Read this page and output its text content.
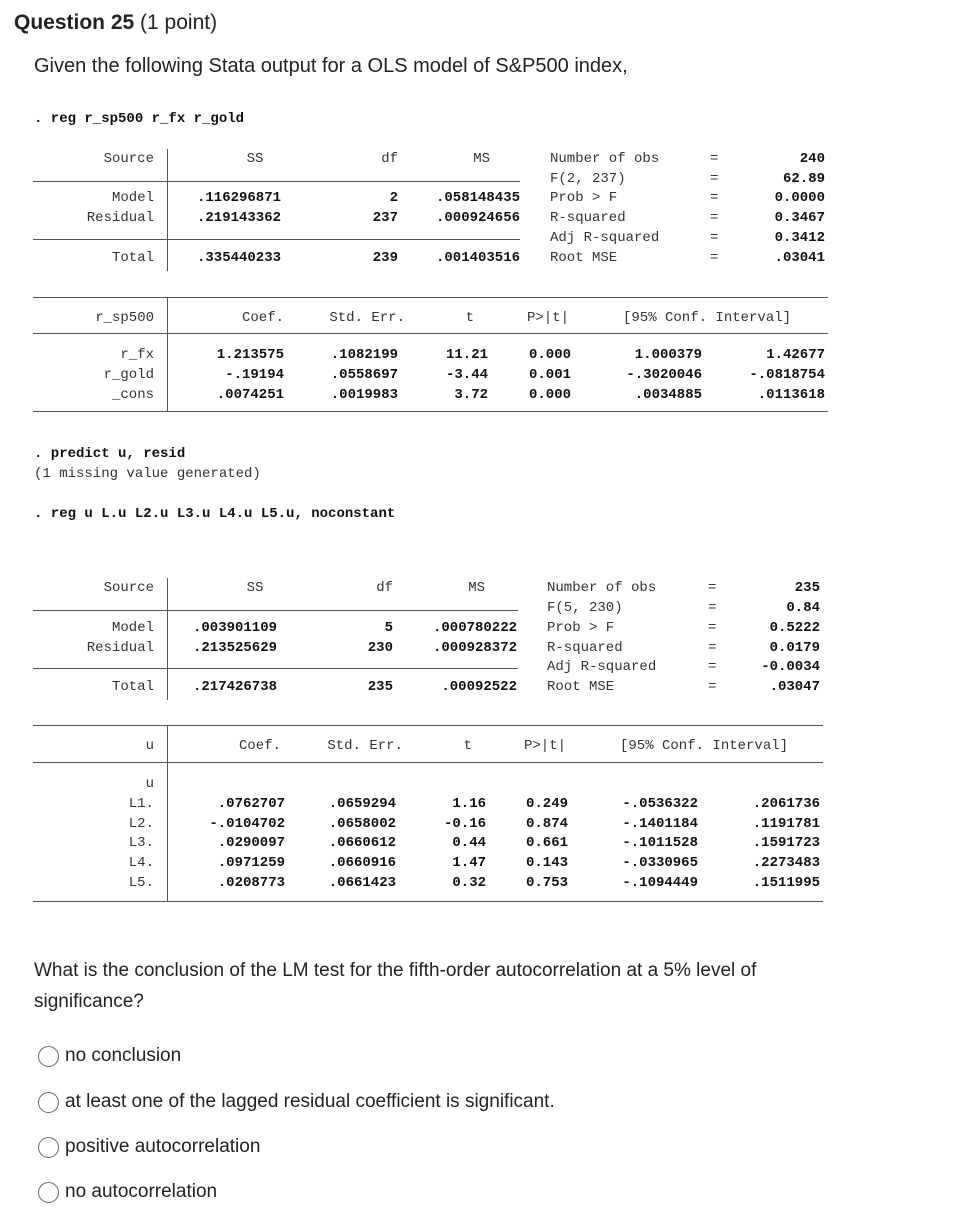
Question 25 (1 point)
Given the following Stata output for a OLS model of S&P500 index,
. reg r_sp500 r_fx r_gold
Source	SS	df	MS
Model	.116296871	2	.058148435
Residual	.219143362	237	.000924656
Total	.335440233	239	.001403516
Number of obs	=	240
F(2, 237)	=	62.89
Prob > F	=	0.0000
R-squared	=	0.3467
Adj R-squared	=	0.3412
Root MSE	=	.03041
r_sp500	Coef.	Std. Err.	t	P>|t|	[95% Conf. Interval]
r_fx	1.213575	.1082199	11.21	0.000	1.000379	1.42677
r_gold	-.19194	.0558697	-3.44	0.001	-.3020046	-.0818754
_cons	.0074251	.0019983	3.72	0.000	.0034885	.0113618
. predict u, resid
(1 missing value generated)
. reg u L.u L2.u L3.u L4.u L5.u, noconstant
Source	SS	df	MS
Model	.003901109	5	.000780222
Residual	.213525629	230	.000928372
Total	.217426738	235	.00092522
Number of obs	=	235
F(5, 230)	=	0.84
Prob > F	=	0.5222
R-squared	=	0.0179
Adj R-squared	=	-0.0034
Root MSE	=	.03047
u	Coef.	Std. Err.	t	P>|t|	[95% Conf. Interval]
u
L1.	.0762707	.0659294	1.16	0.249	-.0536322	.2061736
L2.	-.0104702	.0658002	-0.16	0.874	-.1401184	.1191781
L3.	.0290097	.0660612	0.44	0.661	-.1011528	.1591723
L4.	.0971259	.0660916	1.47	0.143	-.0330965	.2273483
L5.	.0208773	.0661423	0.32	0.753	-.1094449	.1511995
What is the conclusion of the LM test for the fifth-order autocorrelation at a 5% level of significance?
no conclusion
at least one of the lagged residual coefficient is significant.
positive autocorrelation
no autocorrelation
